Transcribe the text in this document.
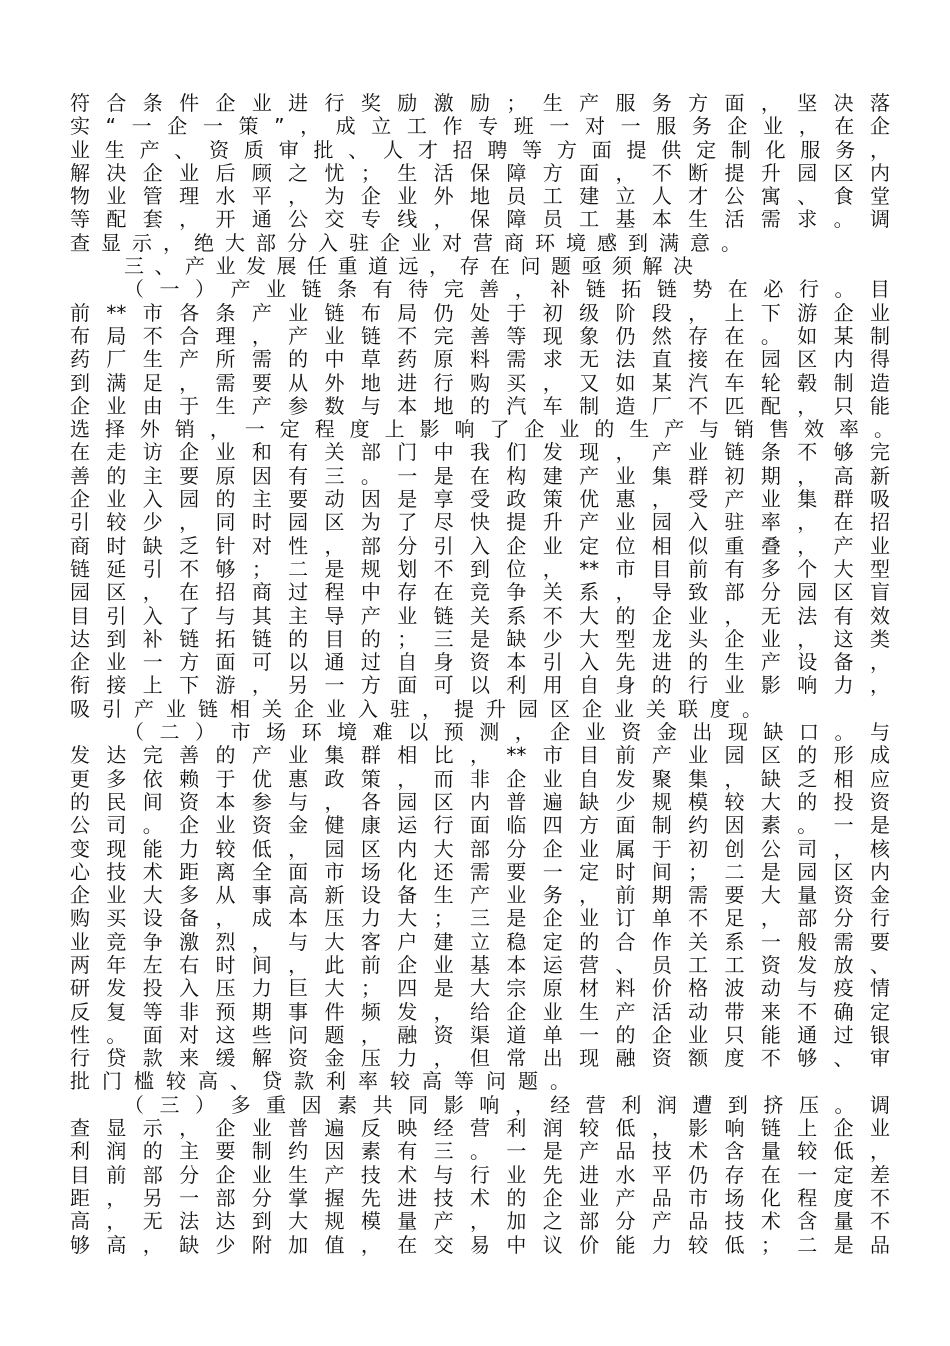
符合条件企业进行奖励激励；生产服务方面，坚决落
实“一企一策”，成立工作专班一对一服务企业，在企
业生产、资质审批、人才招聘等方面提供定制化服务，
解决企业后顾之忧；生活保障方面，不断提升园区内
物业管理水平，为企业外地员工建立人才公寓、食堂
等配套，开通公交专线，保障员工基本生活需求。调
查显示，绝大部分入驻企业对营商环境感到满意。
三、产业发展任重道远，存在问题亟须解决
（一）产业链条有待完善，补链拓链势在必行。目
前**市各条产业链布局仍处于初级阶段，上下游企业
布局不合理，产业链不完善等现象仍然存在。如某制
药厂生产所需的中草药原料需求无法直接在园区内得
到满足，需要从外地进行购买，又如某汽车轮毂制造
企业由于生产参数与本地的汽车制造厂不匹配，只能
选择外销，一定程度上影响了企业的生产与销售效率。
在走访企业和有关部门中我们发现，产业链条不够完
善的主要原因有三。一是在构建产业集群初期，高新
企业入园的主要动因是享受政策优惠，受产业集群吸
引较少，同时园区为了尽快提升产业园入驻率，在招
商时缺乏针对性，部分引入企业定位相似重叠，产业
链延引不够；二是规划不到位，**市目前有多个大型
园区，在招商过程中存在竞争关系，导致部分园区盲
目引入了与其主导产业链关系不大的企业，无法有效
达到补链拓链的目的；三是缺少大型龙头企业，这类
企业一方面可以通过自身资本引入先进的生产设备，
衔接上下游，另一方面可以利用自身的行业影响力，
吸引产业链相关企业入驻，提升园区企业关联度。
（二）市场环境难以预测，企业资金出现缺口。与
发达完善的产业集群相比，**市目前产业园区的形成
更多依赖于优惠政策，而非企业自发聚集，缺乏相应
的民间资本参与，各园区内普遍缺少规模较大的投资
公司。企业资金健康运行面临四方面制约因素。一是
变现能力较低，园区内大部分企业属于初创公司，核
心技术距离全面市场化还需要一定时间；二是园区内
企业大多从事高新设备生产业务，前期需要大量资金
购买设备，成本压力大；三是企业订单不足，部分行
业竞争激烈，与大客户建立稳定的合作关系一般需要
两年左右时间，此前企业基本运营、员工工资发放、
研发投入压力巨大；四是大宗原材料价格波动与疫情
反复等非预期事件频发，给企业生产活动带来不确定
性。面对这些问题，融资渠道单一的企业只能通过银
行贷款来缓解资金压力，但常出现融资额度不够、审
批门槛较高、贷款利率较高等问题。
（三）多重因素共同影响，经营利润遭到挤压。调
查显示，企业普遍反映经营利润较低，影响链上企业
利润的主要制约因素有三。一是产品技术含量较低，
目前部分企业生产技术与行业先进水平仍存在一定差
距，另一部分掌握先进技术的企业产品市场化程度不
高，无法达到大规模量产，加之部分产品技术含量不
够高，缺少附加值，在交易中议价能力较低；二是品
